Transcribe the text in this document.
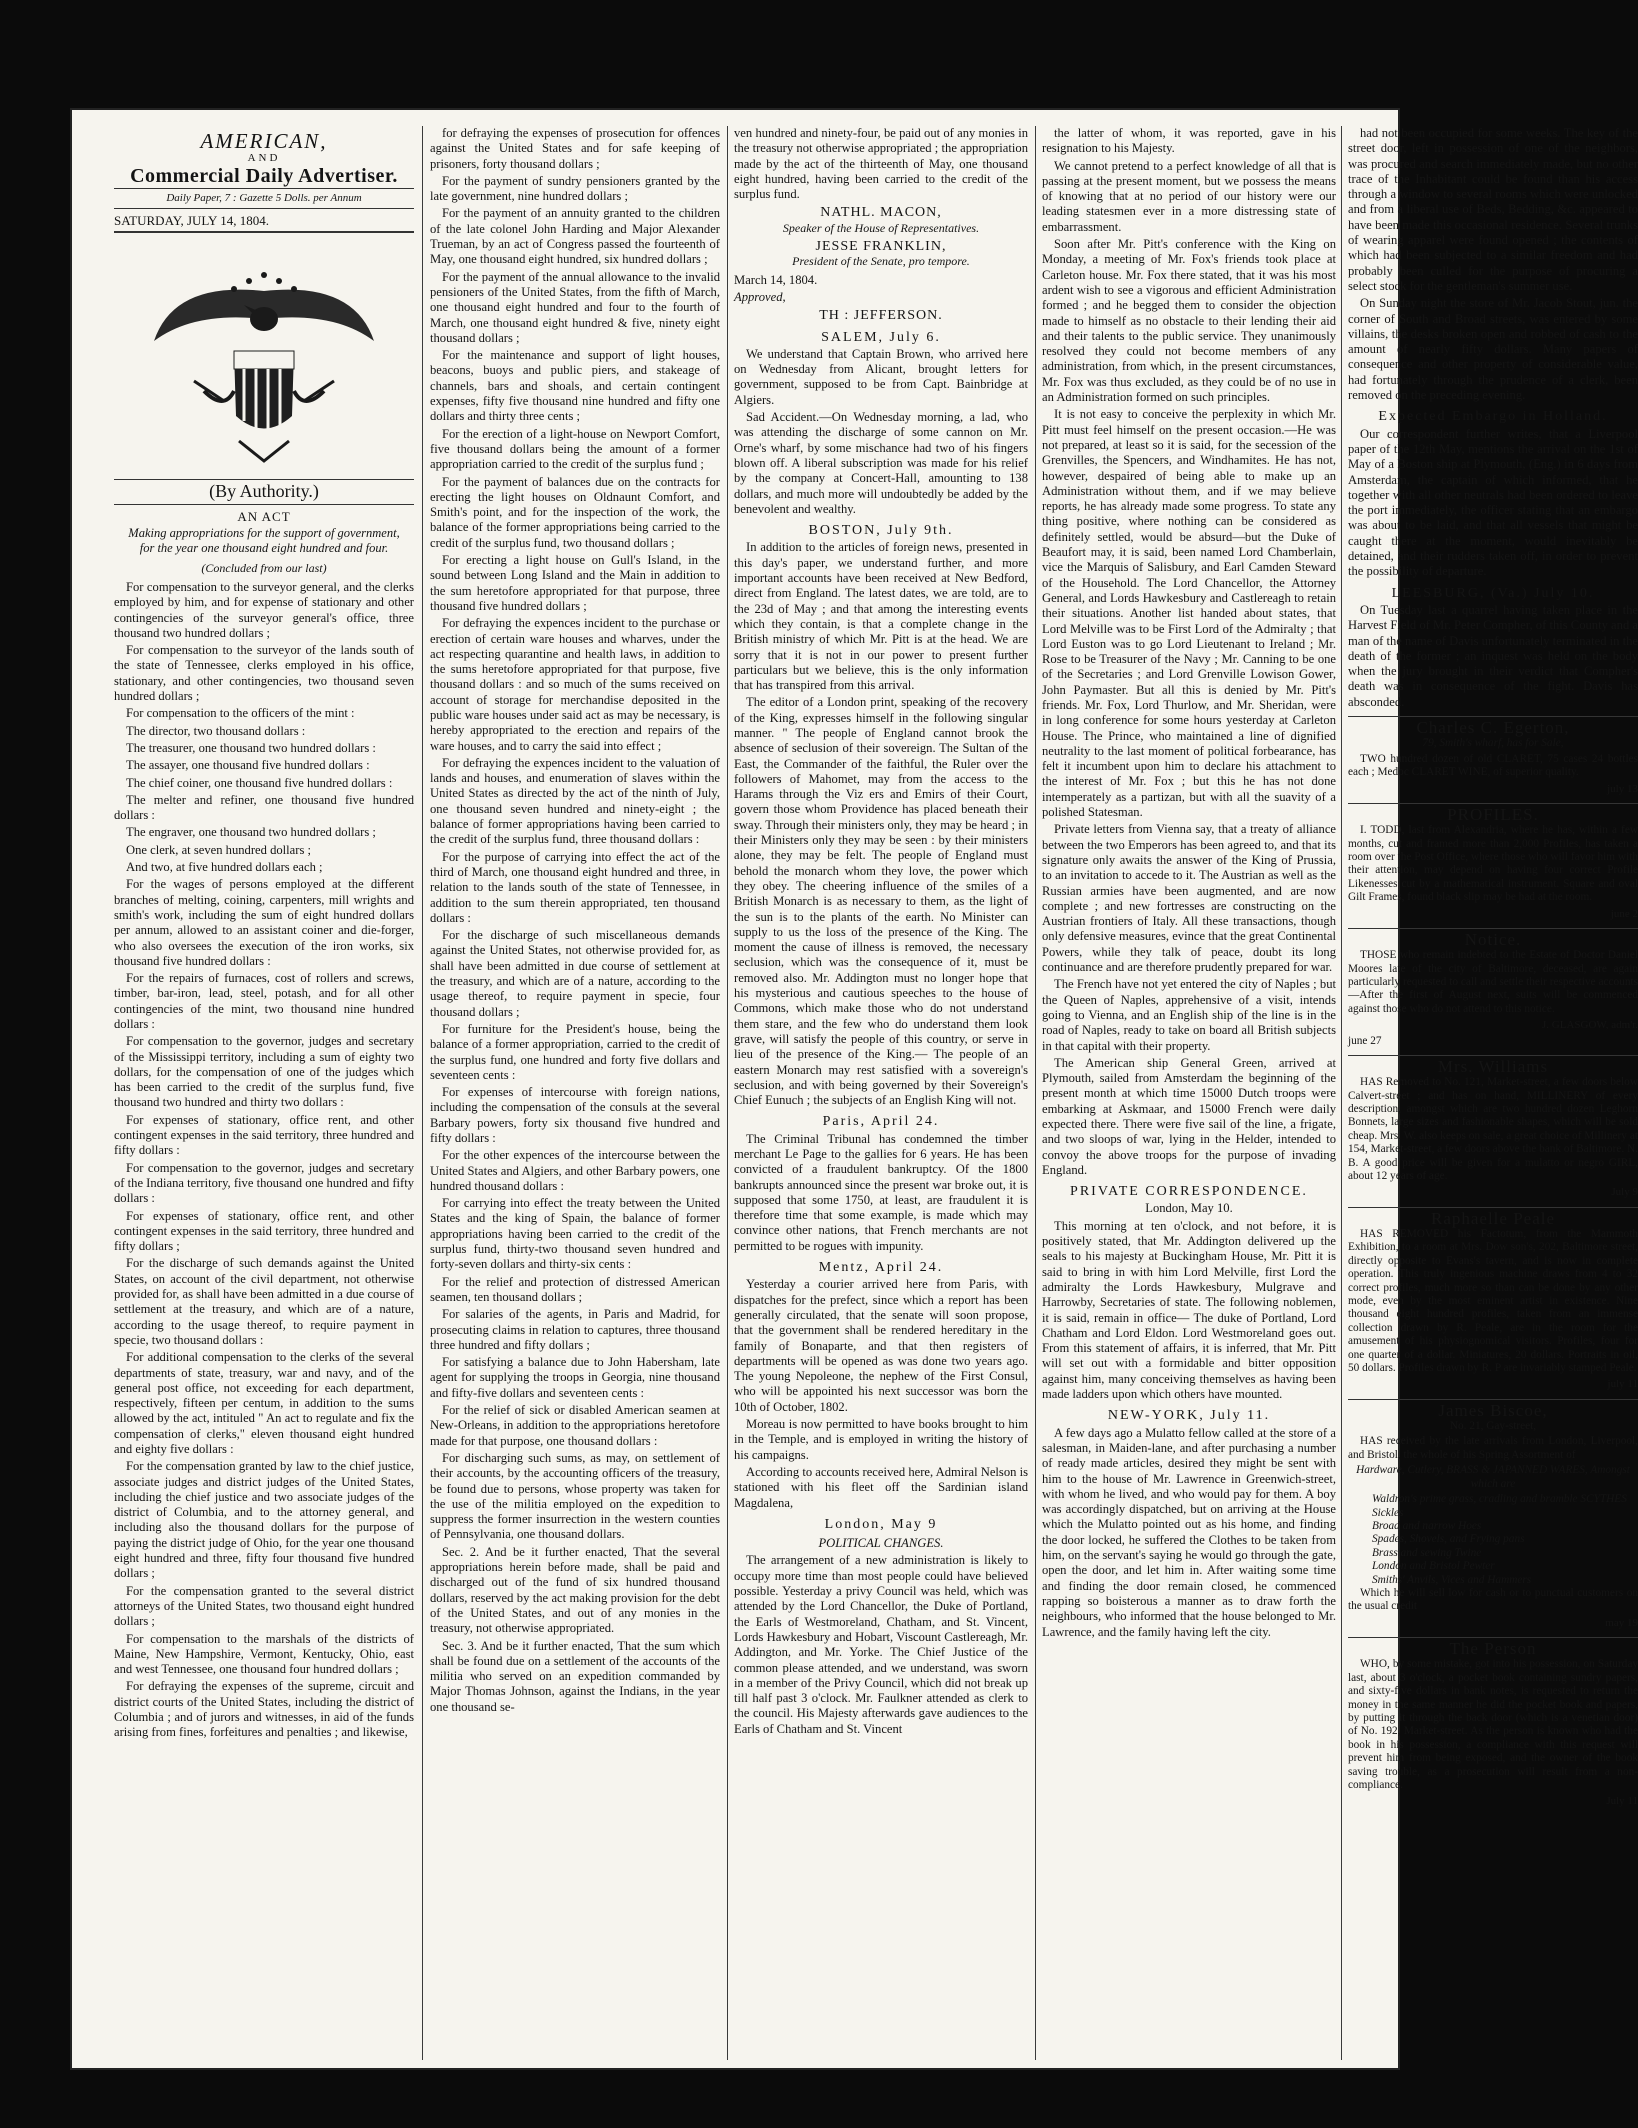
AMERICAN,
AND
Commercial Daily Advertiser.
Daily Paper, 7 : Gazette 5 Dolls. per Annum

SATURDAY, JULY 14, 1804.

(By Authority.)
AN ACT
Making appropriations for the support of government, for the year one thousand eight hundred and four.
(Concluded from our last)

For compensation to the surveyor general, and the clerks employed by him, and for expense of stationary and other contingencies of the surveyor general's office, three thousand two hundred dollars ;

For compensation to the surveyor of the lands south of the state of Tennessee, clerks employed in his office, stationary, and other contingencies, two thousand seven hundred dollars ;

For compensation to the officers of the mint :

The director, two thousand dollars :

The treasurer, one thousand two hundred dollars :

The assayer, one thousand five hundred dollars :

The chief coiner, one thousand five hundred dollars :

The melter and refiner, one thousand five hundred dollars :

The engraver, one thousand two hundred dollars ;

One clerk, at seven hundred dollars ;

And two, at five hundred dollars each ;

For the wages of persons employed at the different branches of melting, coining, carpenters, mill wrights and smith's work, including the sum of eight hundred dollars per annum, allowed to an assistant coiner and die-forger, who also oversees the execution of the iron works, six thousand five hundred dollars :

For the repairs of furnaces, cost of rollers and screws, timber, bar-iron, lead, steel, potash, and for all other contingencies of the mint, two thousand nine hundred dollars :

For compensation to the governor, judges and secretary of the Mississippi territory, including a sum of eighty two dollars, for the compensation of one of the judges which has been carried to the credit of the surplus fund, five thousand two hundred and thirty two dollars :

For expenses of stationary, office rent, and other contingent expenses in the said territory, three hundred and fifty dollars :

For compensation to the governor, judges and secretary of the Indiana territory, five thousand one hundred and fifty dollars :

For expenses of stationary, office rent, and other contingent expenses in the said territory, three hundred and fifty dollars ;

For the discharge of such demands against the United States, on account of the civil department, not otherwise provided for, as shall have been admitted in a due course of settlement at the treasury, and which are of a nature, according to the usage thereof, to require payment in specie, two thousand dollars :

For additional compensation to the clerks of the several departments of state, treasury, war and navy, and of the general post office, not exceeding for each department, respectively, fifteen per centum, in addition to the sums allowed by the act, intituled " An act to regulate and fix the compensation of clerks," eleven thousand eight hundred and eighty five dollars :

For the compensation granted by law to the chief justice, associate judges and district judges of the United States, including the chief justice and two associate judges of the district of Columbia, and to the attorney general, and including also the thousand dollars for the purpose of paying the district judge of Ohio, for the year one thousand eight hundred and three, fifty four thousand five hundred dollars ;

For the compensation granted to the several district attorneys of the United States, two thousand eight hundred dollars ;

For compensation to the marshals of the districts of Maine, New Hampshire, Vermont, Kentucky, Ohio, east and west Tennessee, one thousand four hundred dollars ;

For defraying the expenses of the supreme, circuit and district courts of the United States, including the district of Columbia ; and of jurors and witnesses, in aid of the funds arising from fines, forfeitures and penalties ; and likewise,

for defraying the expenses of prosecution for offences against the United States and for safe keeping of prisoners, forty thousand dollars ;

For the payment of sundry pensioners granted by the late government, nine hundred dollars ;

For the payment of an annuity granted to the children of the late colonel John Harding and Major Alexander Trueman, by an act of Congress passed the fourteenth of May, one thousand eight hundred, six hundred dollars ;

For the payment of the annual allowance to the invalid pensioners of the United States, from the fifth of March, one thousand eight hundred and four to the fourth of March, one thousand eight hundred & five, ninety eight thousand dollars ;

For the maintenance and support of light houses, beacons, buoys and public piers, and stakeage of channels, bars and shoals, and certain contingent expenses, fifty five thousand nine hundred and fifty one dollars and thirty three cents ;

For the erection of a light-house on Newport Comfort, five thousand dollars being the amount of a former appropriation carried to the credit of the surplus fund ;

For the payment of balances due on the contracts for erecting the light houses on Oldnaunt Comfort, and Smith's point, and for the inspection of the work, the balance of the former appropriations being carried to the credit of the surplus fund, two thousand dollars ;

For erecting a light house on Gull's Island, in the sound between Long Island and the Main in addition to the sum heretofore appropriated for that purpose, three thousand five hundred dollars ;

For defraying the expences incident to the purchase or erection of certain ware houses and wharves, under the act respecting quarantine and health laws, in addition to the sums heretofore appropriated for that purpose, five thousand dollars : and so much of the sums received on account of storage for merchandise deposited in the public ware houses under said act as may be necessary, is hereby appropriated to the erection and repairs of the ware houses, and to carry the said into effect ;

For defraying the expences incident to the valuation of lands and houses, and enumeration of slaves within the United States as directed by the act of the ninth of July, one thousand seven hundred and ninety-eight ; the balance of former appropriations having been carried to the credit of the surplus fund, three thousand dollars :

For the purpose of carrying into effect the act of the third of March, one thousand eight hundred and three, in relation to the lands south of the state of Tennessee, in addition to the sum therein appropriated, ten thousand dollars :

For the discharge of such miscellaneous demands against the United States, not otherwise provided for, as shall have been admitted in due course of settlement at the treasury, and which are of a nature, according to the usage thereof, to require payment in specie, four thousand dollars ;

For furniture for the President's house, being the balance of a former appropriation, carried to the credit of the surplus fund, one hundred and forty five dollars and seventeen cents :

For expenses of intercourse with foreign nations, including the compensation of the consuls at the several Barbary powers, forty six thousand five hundred and fifty dollars :

For the other expences of the intercourse between the United States and Algiers, and other Barbary powers, one hundred thousand dollars :

For carrying into effect the treaty between the United States and the king of Spain, the balance of former appropriations having been carried to the credit of the surplus fund, thirty-two thousand seven hundred and forty-seven dollars and thirty-six cents :

For the relief and protection of distressed American seamen, ten thousand dollars ;

For salaries of the agents, in Paris and Madrid, for prosecuting claims in relation to captures, three thousand three hundred and fifty dollars ;

For satisfying a balance due to John Habersham, late agent for supplying the troops in Georgia, nine thousand and fifty-five dollars and seventeen cents :

For the relief of sick or disabled American seamen at New-Orleans, in addition to the appropriations heretofore made for that purpose, one thousand dollars :

For discharging such sums, as may, on settlement of their accounts, by the accounting officers of the treasury, be found due to persons, whose property was taken for the use of the militia employed on the expedition to suppress the former insurrection in the western counties of Pennsylvania, one thousand dollars.

Sec. 2. And be it further enacted, That the several appropriations herein before made, shall be paid and discharged out of the fund of six hundred thousand dollars, reserved by the act making provision for the debt of the United States, and out of any monies in the treasury, not otherwise appropriated.

Sec. 3. And be it further enacted, That the sum which shall be found due on a settlement of the accounts of the militia who served on an expedition commanded by Major Thomas Johnson, against the Indians, in the year one thousand se-

ven hundred and ninety-four, be paid out of any monies in the treasury not otherwise appropriated ; the appropriation made by the act of the thirteenth of May, one thousand eight hundred, having been carried to the credit of the surplus fund.

NATHL. MACON,

Speaker of the House of Representatives.

JESSE FRANKLIN,

President of the Senate, pro tempore.

March 14, 1804.

Approved,

TH : JEFFERSON.

SALEM, July 6.

We understand that Captain Brown, who arrived here on Wednesday from Alicant, brought letters for government, supposed to be from Capt. Bainbridge at Algiers.

Sad Accident.—On Wednesday morning, a lad, who was attending the discharge of some cannon on Mr. Orne's wharf, by some mischance had two of his fingers blown off. A liberal subscription was made for his relief by the company at Concert-Hall, amounting to 138 dollars, and much more will undoubtedly be added by the benevolent and wealthy.

BOSTON, July 9th.

In addition to the articles of foreign news, presented in this day's paper, we understand further, and more important accounts have been received at New Bedford, direct from England. The latest dates, we are told, are to the 23d of May ; and that among the interesting events which they contain, is that a complete change in the British ministry of which Mr. Pitt is at the head. We are sorry that it is not in our power to present further particulars but we believe, this is the only information that has transpired from this arrival.

The editor of a London print, speaking of the recovery of the King, expresses himself in the following singular manner. " The people of England cannot brook the absence of seclusion of their sovereign. The Sultan of the East, the Commander of the faithful, the Ruler over the followers of Mahomet, may from the access to the Harams through the Viz ers and Emirs of their Court, govern those whom Providence has placed beneath their sway. Through their ministers only, they may be heard ; in their Ministers only they may be seen : by their ministers alone, they may be felt. The people of England must behold the monarch whom they love, the power which they obey. The cheering influence of the smiles of a British Monarch is as necessary to them, as the light of the sun is to the plants of the earth. No Minister can supply to us the loss of the presence of the King. The moment the cause of illness is removed, the necessary seclusion, which was the consequence of it, must be removed also. Mr. Addington must no longer hope that his mysterious and cautious speeches to the house of Commons, which make those who do not understand them stare, and the few who do understand them look grave, will satisfy the people of this country, or serve in lieu of the presence of the King.— The people of an eastern Monarch may rest satisfied with a sovereign's seclusion, and with being governed by their Sovereign's Chief Eunuch ; the subjects of an English King will not.

Paris, April 24.

The Criminal Tribunal has condemned the timber merchant Le Page to the gallies for 6 years. He has been convicted of a fraudulent bankruptcy. Of the 1800 bankrupts announced since the present war broke out, it is supposed that some 1750, at least, are fraudulent it is therefore time that some example, is made which may convince other nations, that French merchants are not permitted to be rogues with impunity.

Mentz, April 24.

Yesterday a courier arrived here from Paris, with dispatches for the prefect, since which a report has been generally circulated, that the senate will soon propose, that the government shall be rendered hereditary in the family of Bonaparte, and that then registers of departments will be opened as was done two years ago. The young Nepoleone, the nephew of the First Consul, who will be appointed his next successor was born the 10th of October, 1802.

Moreau is now permitted to have books brought to him in the Temple, and is employed in writing the history of his campaigns.

According to accounts received here, Admiral Nelson is stationed with his fleet off the Sardinian island Magdalena,

London, May 9

POLITICAL CHANGES.

The arrangement of a new administration is likely to occupy more time than most people could have believed possible. Yesterday a privy Council was held, which was attended by the Lord Chancellor, the Duke of Portland, the Earls of Westmoreland, Chatham, and St. Vincent, Lords Hawkesbury and Hobart, Viscount Castlereagh, Mr. Addington, and Mr. Yorke. The Chief Justice of the common please attended, and we understand, was sworn in a member of the Privy Council, which did not break up till half past 3 o'clock. Mr. Faulkner attended as clerk to the council. His Majesty afterwards gave audiences to the Earls of Chatham and St. Vincent

the latter of whom, it was reported, gave in his resignation to his Majesty.

We cannot pretend to a perfect knowledge of all that is passing at the present moment, but we possess the means of knowing that at no period of our history were our leading statesmen ever in a more distressing state of embarrassment.

Soon after Mr. Pitt's conference with the King on Monday, a meeting of Mr. Fox's friends took place at Carleton house. Mr. Fox there stated, that it was his most ardent wish to see a vigorous and efficient Administration formed ; and he begged them to consider the objection made to himself as no obstacle to their lending their aid and their talents to the public service. They unanimously resolved they could not become members of any administration, from which, in the present circumstances, Mr. Fox was thus excluded, as they could be of no use in an Administration formed on such principles.

It is not easy to conceive the perplexity in which Mr. Pitt must feel himself on the present occasion.—He was not prepared, at least so it is said, for the secession of the Grenvilles, the Spencers, and Windhamites. He has not, however, despaired of being able to make up an Administration without them, and if we may believe reports, he has already made some progress. To state any thing positive, where nothing can be considered as definitely settled, would be absurd—but the Duke of Beaufort may, it is said, been named Lord Chamberlain, vice the Marquis of Salisbury, and Earl Camden Steward of the Household. The Lord Chancellor, the Attorney General, and Lords Hawkesbury and Castlereagh to retain their situations. Another list handed about states, that Lord Melville was to be First Lord of the Admiralty ; that Lord Euston was to go Lord Lieutenant to Ireland ; Mr. Rose to be Treasurer of the Navy ; Mr. Canning to be one of the Secretaries ; and Lord Grenville Lowison Gower, John Paymaster. But all this is denied by Mr. Pitt's friends. Mr. Fox, Lord Thurlow, and Mr. Sheridan, were in long conference for some hours yesterday at Carleton House. The Prince, who maintained a line of dignified neutrality to the last moment of political forbearance, has felt it incumbent upon him to declare his attachment to the interest of Mr. Fox ; but this he has not done intemperately as a partizan, but with all the suavity of a polished Statesman.

Private letters from Vienna say, that a treaty of alliance between the two Emperors has been agreed to, and that its signature only awaits the answer of the King of Prussia, to an invitation to accede to it. The Austrian as well as the Russian armies have been augmented, and are now complete ; and new fortresses are constructing on the Austrian frontiers of Italy. All these transactions, though only defensive measures, evince that the great Continental Powers, while they talk of peace, doubt its long continuance and are therefore prudently prepared for war.

The French have not yet entered the city of Naples ; but the Queen of Naples, apprehensive of a visit, intends going to Vienna, and an English ship of the line is in the road of Naples, ready to take on board all British subjects in that capital with their property.

The American ship General Green, arrived at Plymouth, sailed from Amsterdam the beginning of the present month at which time 15000 Dutch troops were embarking at Askmaar, and 15000 French were daily expected there. There were five sail of the line, a frigate, and two sloops of war, lying in the Helder, intended to convoy the above troops for the purpose of invading England.

PRIVATE CORRESPONDENCE.

London, May 10.

This morning at ten o'clock, and not before, it is positively stated, that Mr. Addington delivered up the seals to his majesty at Buckingham House, Mr. Pitt it is said to bring in with him Lord Melville, first Lord the admiralty the Lords Hawkesbury, Mulgrave and Harrowby, Secretaries of state. The following noblemen, it is said, remain in office— The duke of Portland, Lord Chatham and Lord Eldon. Lord Westmoreland goes out. From this statement of affairs, it is inferred, that Mr. Pitt will set out with a formidable and bitter opposition against him, many conceiving themselves as having been made ladders upon which others have mounted.

NEW-YORK, July 11.

A few days ago a Mulatto fellow called at the store of a salesman, in Maiden-lane, and after purchasing a number of ready made articles, desired they might be sent with him to the house of Mr. Lawrence in Greenwich-street, with whom he lived, and who would pay for them. A boy was accordingly dispatched, but on arriving at the House which the Mulatto pointed out as his home, and finding the door locked, he suffered the Clothes to be taken from him, on the servant's saying he would go through the gate, open the door, and let him in. After waiting some time and finding the door remain closed, he commenced rapping so boisterous a manner as to draw forth the neighbours, who informed that the house belonged to Mr. Lawrence, and the family having left the city.

had not been occupied for some weeks. The key of the street door, left in possession of one of the neighbors, was procured and search immediately made, but no other trace of the Inhabitant could be found than his access through a window to several rooms which were unlocked and from a liberal use of Beds, Bedding, &c. appeared to have been made this occasional residence. Several trunks of wearing apparel were found opened ; the contents of which had been subjected to a similar freedom and had probably been culled for the purpose of procuring a select stock for the gentleman's summer use.

On Sunday night the store of Mr. Jacob Stout, jun. the corner of South and Broad streets, was entered by some villains, the desks broken open and robbed of cash to the amount of nearly fifty dollars. Many papers of consequence and other property of considerable value, had fortunately through the prudence of a clerk, been removed on the preceding evening.

Expected Embargo in Holland.

Our correspondent further writes, that a Liverpool paper of the 12th May, mentions the arrival on the 1st of May of a Boston ship at Plymouth, (Eng.) in 6 days from Amsterdam, the captain of which informed, that he together with all other neutrals had been ordered to leave the port immediately, the officer stating that an embargo was about to be laid, and that all vessels that might be caught there at the moment, would inevitably be detained, and their rudders taken off, in order to prevent the possibility of departure.

LEESBURG, (Va.) July 10.

On Tuesday last a quarrel having taken place in the Harvest Field of Mr. Peter Compher, of this County and a man of the name of Davis unfortunately terminated in the death of the former ; an inquest was held on the body when the jury brought in their verdict that Compher's death was in consequence of the fight. Davis has absconded.

Charles C. Egerton,

79, Smith's wharf, has for Sale,

TWO hundred dozen of old CLARET, 75 cases 24 bottles each ; Medoc CLARET WINE, of superior quality.

july 13

PROFILES.

I. TODD, last from Alexandria, where he has, within a few months, cut and framed more than 2,000 Profiles, has taken a room over the Post Office, where those who will favor him with their attention, may depend on having four correct Profile Likenesses cut by a mathematical instrument. Square and oval Gilt Frames, found black slip may be had at the room.

june 2

Notice.

THOSE who remain indebted to the Estate of Doctor Daniel Moores late of the city of Baltimore, deceased, are again particularly requested to call and settle their respective accounts—After the first of August next, suits will be commenced against those who do not attend to this notice.

J. GLASGOW, adm'r.

june 27

Mrs. Williams

HAS Removed to No. 121, Market-street, a few doors below Calvert-street ; and has on hand, MILLINERY of every description, amongst which are two hundred dozen Leghorn Bonnets, large sizes and fashionable shapes, which will be sold cheap. Mrs. W. also keeps on sale, a great choice of Millinery at 154, Market-street, a few doors above the bank of Baltimore. N. B. A good price will be given for a mulatto or negro GIRL, about 12 years of age.

July 9

Raphaelle Peale

HAS REMOVED his Factotum, from the Mammoth Exhibition, to a room at Mrs. Dow son's, 202, Baltimore street, directly opposite to Evans's tavern, and is now in complete operation. This truly ingenious machine draws from 4 to 32 correct profiles, much more so than can be done by any other mode, even by the most eminent artist in existence. Nine thousand eight hundred profiles, taken from an immense collection drawn by R. Peale, are in the room for the amusement of his physiognomical visitors. Profiles, four for one quarter of a dollar. Miniatures, 20 dollars. Portraits in oil, 50 dollars. Profiles drawn by R. P are invariably stamped Peale.

july 11

James Biscoe,

No. 21, Gay-street,

HAS received by the late arrivals from London, Liverpool, and Bristol, the whole of his Spring Assortment of

Hardware, Cutlery, BRASS & JAPANNED WARES, Amongst which are

Waldron's prime grass, cradling and bramble SCYTHES

Sickles

Broad and narrow Hoes

Spades, Shovels, and Frying pans

Brass and sewing Twine

London and Bristol Pewter

Smiths' Anvils, Vices and Hammers

Which he will sell low for cash or to punctual customers on the usual credit

may 19

The Person

WHO, by some mistake, got into his possession, on Saturday last, about 3 o'clock, a pocket book containing sundry papers, and sixty-five dollars in bank notes, is requested to return the money in the same manner he did the pocket book and papers, by putting it through the back door (which is a venetian door) of No. 192, Market-street. As the person is known who had the book in his possession, a compliance with this request will prevent him from being exposed, and the owner of the book saving trouble, as a prosecution will result from a non-compliance.

July 11
